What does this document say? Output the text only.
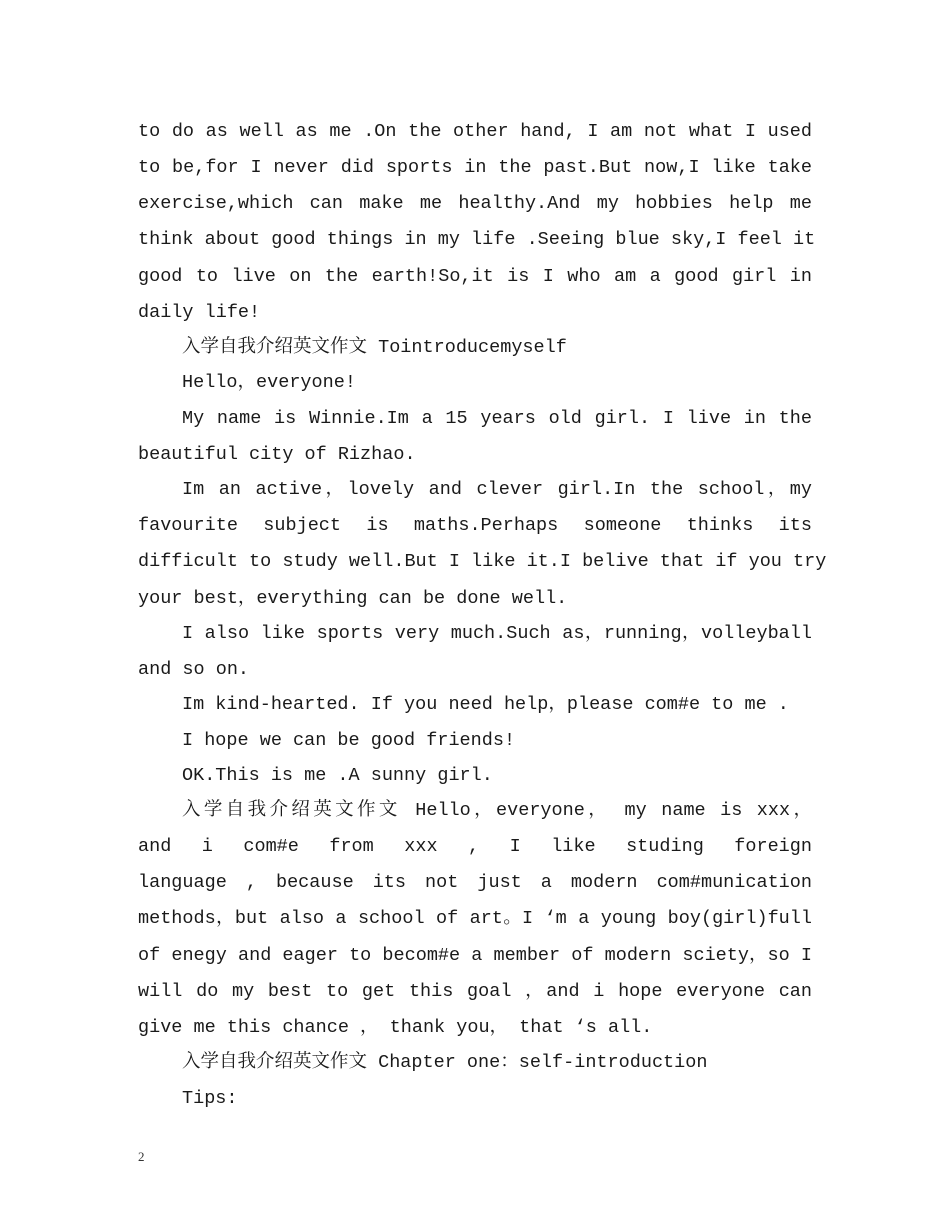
to do as well as me .On the other hand, I am not what I used
to be,for I never did sports in the past.But now,I like take
exercise,which can make me healthy.And my hobbies help me
think about good things in my life .Seeing blue sky,I feel it
good to live on the earth!So,it is I who am a good girl in
daily life!
入学自我介绍英文作文 Tointroducemyself
Hello，everyone!
My name is Winnie.Im a 15 years old girl. I live in the
beautiful city of Rizhao.
Im an active，lovely and clever girl.In the school，my
favourite subject is maths.Perhaps someone thinks its
difficult to study well.But I like it.I belive that if you try
your best，everything can be done well.
I also like sports very much.Such as，running，volleyball
and so on.
Im kind-hearted. If you need help，please com#e to me .
I hope we can be good friends!
OK.This is me .A sunny girl.
入学自我介绍英文作文 Hello，everyone， my name is xxx，
and i com#e from xxx , I like studing foreign
language , because its not just a modern com#munication
methods，but also a school of art。I ‘m a young boy(girl)full
of enegy and eager to becom#e a member of modern sciety，so I
will do my best to get this goal ，and i hope everyone can
give me this chance ， thank you， that ‘s all.
入学自我介绍英文作文 Chapter one：self-introduction
Tips:
2
